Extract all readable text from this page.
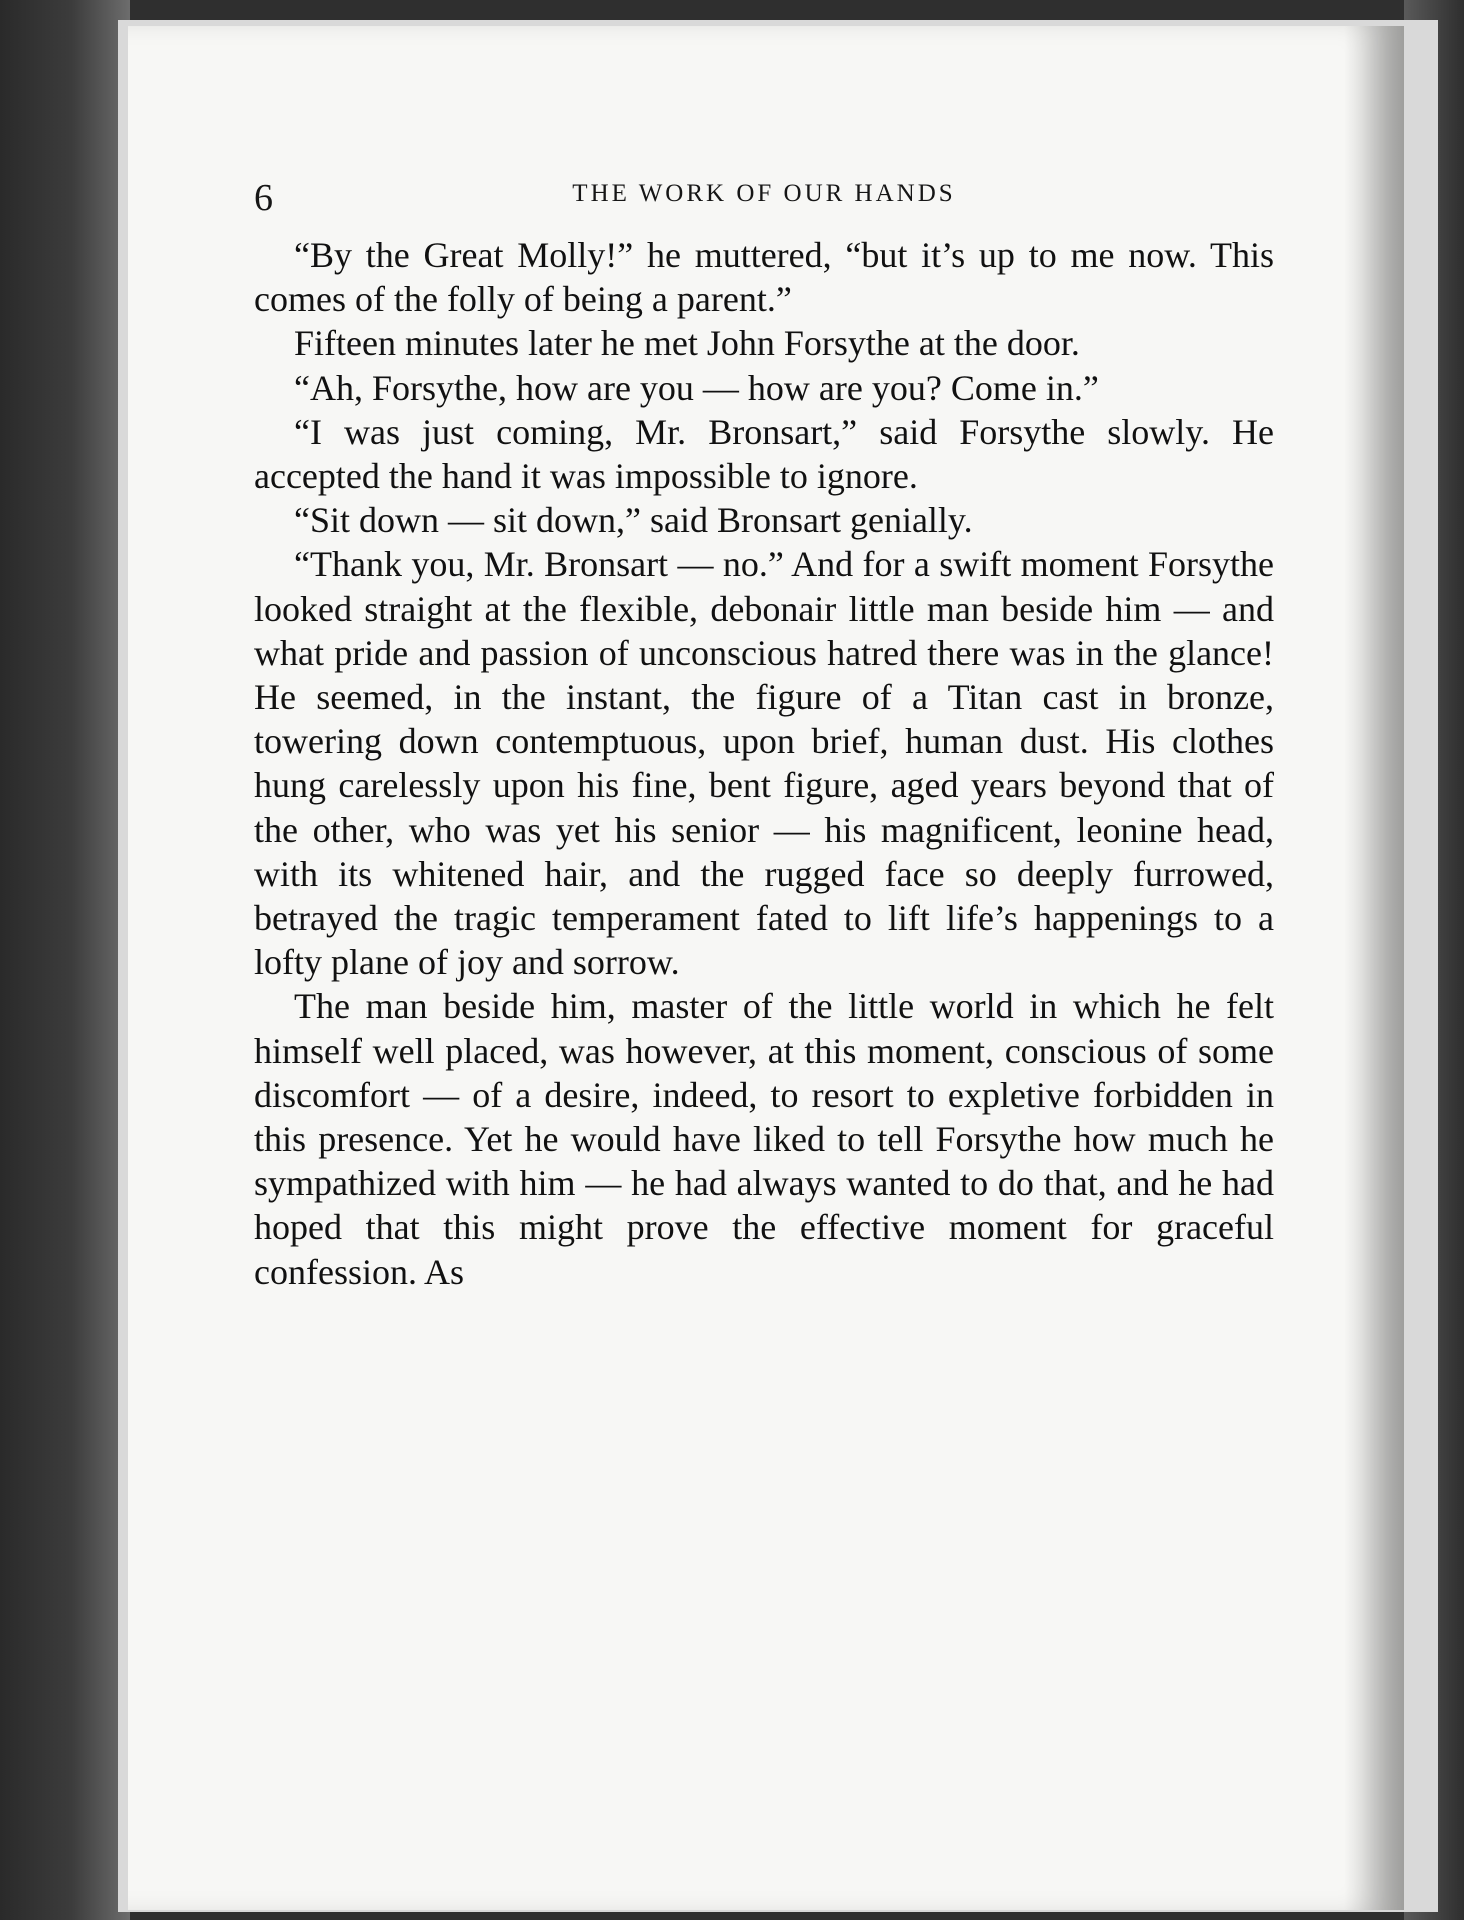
6	THE WORK OF OUR HANDS

“By the Great Molly!” he muttered, “but it’s up to me now. This comes of the folly of being a parent.”

Fifteen minutes later he met John Forsythe at the door.

“Ah, Forsythe, how are you — how are you? Come in.”

“I was just coming, Mr. Bronsart,” said Forsythe slowly. He accepted the hand it was impossible to ignore.

“Sit down — sit down,” said Bronsart genially.

“Thank you, Mr. Bronsart — no.” And for a swift moment Forsythe looked straight at the flexible, debonair little man beside him — and what pride and passion of unconscious hatred there was in the glance! He seemed, in the instant, the figure of a Titan cast in bronze, towering down contemptuous, upon brief, human dust. His clothes hung carelessly upon his fine, bent figure, aged years beyond that of the other, who was yet his senior — his magnificent, leonine head, with its whitened hair, and the rugged face so deeply furrowed, betrayed the tragic temperament fated to lift life’s happenings to a lofty plane of joy and sorrow.

The man beside him, master of the little world in which he felt himself well placed, was however, at this moment, conscious of some discomfort — of a desire, indeed, to resort to expletive forbidden in this presence. Yet he would have liked to tell Forsythe how much he sympathized with him — he had always wanted to do that, and he had hoped that this might prove the effective moment for graceful confession. As
